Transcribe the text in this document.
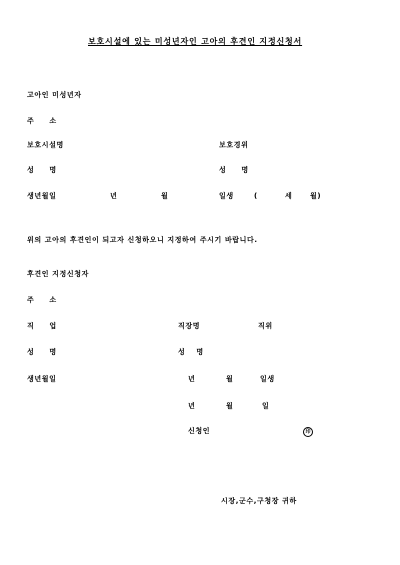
보호시설에 있는 미성년자인 고아의 후견인 지정신청서
고아인 미성년자
주 소
보호시설명	보호경위
성 명	성 명
생년월일	년	월	일생	(	세	월)
위의 고아의 후견인이 되고자 신청하오니 지정하여 주시기 바랍니다.
후견인 지정신청자
주 소
직 업	직장명	직위
성 명	성 명
생년월일	년	월	일생
년	월	일
신청인	印
시장,군수,구청장 귀하
